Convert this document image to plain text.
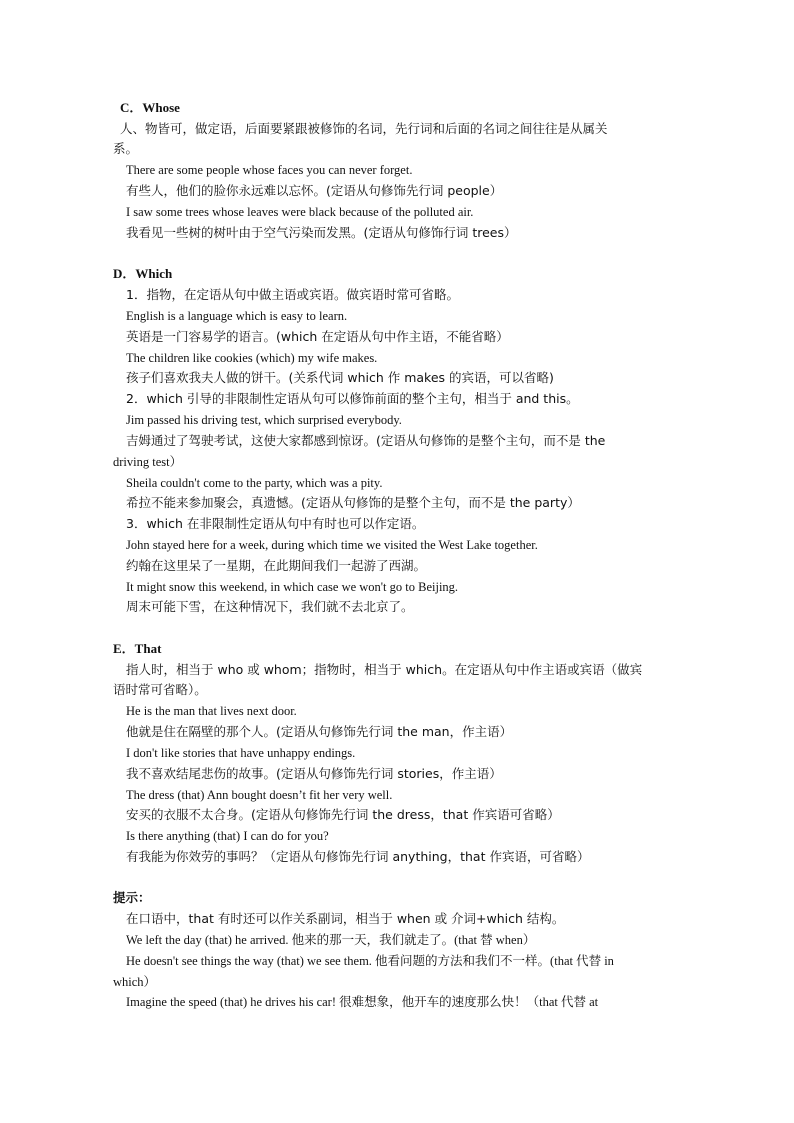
C．Whose
人、物皆可，做定语，后面要紧跟被修饰的名词，先行词和后面的名词之间往往是从属关
系。
There are some people whose faces you can never forget.
有些人，他们的脸你永远难以忘怀。(定语从句修饰先行词 people）
I saw some trees whose leaves were black because of the polluted air.
我看见一些树的树叶由于空气污染而发黑。(定语从句修饰行词 trees）
D．Which
1．指物，在定语从句中做主语或宾语。做宾语时常可省略。
English is a language which is easy to learn.
英语是一门容易学的语言。(which 在定语从句中作主语，不能省略）
The children like cookies (which) my wife makes.
孩子们喜欢我夫人做的饼干。(关系代词 which 作 makes 的宾语，可以省略)
2．which 引导的非限制性定语从句可以修饰前面的整个主句，相当于 and this。
Jim passed his driving test, which surprised everybody.
吉姆通过了驾驶考试，这使大家都感到惊讶。(定语从句修饰的是整个主句，而不是 the
driving test）
Sheila couldn't come to the party, which was a pity.
希拉不能来参加聚会，真遗憾。(定语从句修饰的是整个主句，而不是 the party）
3．which 在非限制性定语从句中有时也可以作定语。
John stayed here for a week, during which time we visited the West Lake together.
约翰在这里呆了一星期，在此期间我们一起游了西湖。
It might snow this weekend, in which case we won't go to Beijing.
周末可能下雪，在这种情况下，我们就不去北京了。
E．That
指人时，相当于 who 或 whom；指物时，相当于 which。在定语从句中作主语或宾语（做宾
语时常可省略）。
He is the man that lives next door.
他就是住在隔壁的那个人。(定语从句修饰先行词 the man，作主语）
I don't like stories that have unhappy endings.
我不喜欢结尾悲伤的故事。(定语从句修饰先行词 stories，作主语）
The dress (that) Ann bought doesn’t fit her very well.
安买的衣服不太合身。(定语从句修饰先行词 the dress，that 作宾语可省略）
Is there anything (that) I can do for you?
有我能为你效劳的事吗？（定语从句修饰先行词 anything，that 作宾语，可省略）
提示：
在口语中，that 有时还可以作关系副词，相当于 when 或 介词+which 结构。
We left the day (that) he arrived. 他来的那一天，我们就走了。(that 替 when）
He doesn't see things the way (that) we see them. 他看问题的方法和我们不一样。(that 代替 in
which）
Imagine the speed (that) he drives his car! 很难想象，他开车的速度那么快！（that 代替 at
